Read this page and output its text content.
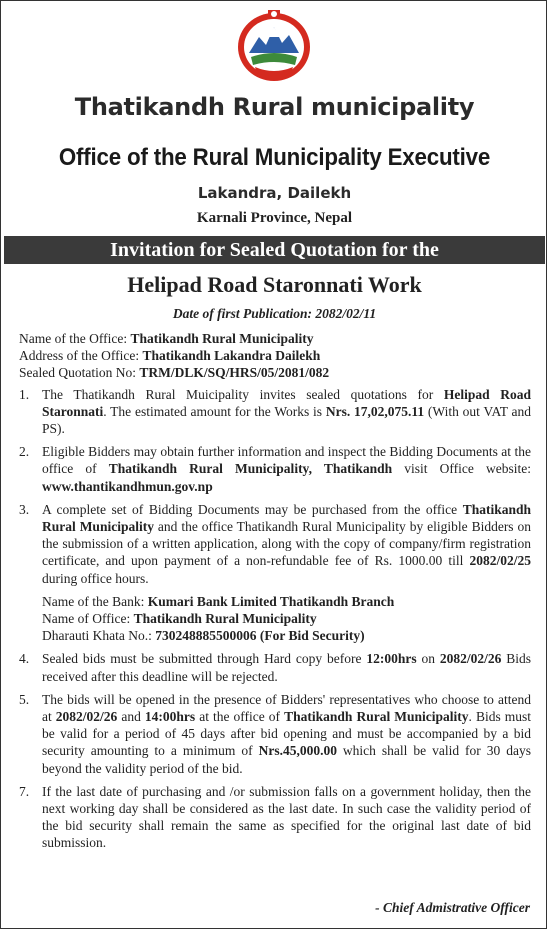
Thatikandh Rural municipality
Office of the Rural Municipality Executive
Lakandra, Dailekh
Karnali Province, Nepal
Invitation for Sealed Quotation for the
Helipad Road Staronnati Work
Date of first Publication: 2082/02/11
Name of the Office: Thatikandh Rural Municipality
Address of the Office: Thatikandh Lakandra Dailekh
Sealed Quotation No: TRM/DLK/SQ/HRS/05/2081/082
1. The Thatikandh Rural Muicipality invites sealed quotations for Helipad Road Staronnati. The estimated amount for the Works is Nrs. 17,02,075.11 (With out VAT and PS).
2. Eligible Bidders may obtain further information and inspect the Bidding Documents at the office of Thatikandh Rural Municipality, Thatikandh visit Office website: www.thantikandhmun.gov.np
3. A complete set of Bidding Documents may be purchased from the office Thatikandh Rural Municipality and the office Thatikandh Rural Municipality by eligible Bidders on the submission of a written application, along with the copy of company/firm registration certificate, and upon payment of a non-refundable fee of Rs. 1000.00 till 2082/02/25 during office hours.
Name of the Bank: Kumari Bank Limited Thatikandh Branch
Name of Office: Thatikandh Rural Municipality
Dharauti Khata No.: 730248885500006 (For Bid Security)
4. Sealed bids must be submitted through Hard copy before 12:00hrs on 2082/02/26 Bids received after this deadline will be rejected.
5. The bids will be opened in the presence of Bidders' representatives who choose to attend at 2082/02/26 and 14:00hrs at the office of Thatikandh Rural Municipality. Bids must be valid for a period of 45 days after bid opening and must be accompanied by a bid security amounting to a minimum of Nrs.45,000.00 which shall be valid for 30 days beyond the validity period of the bid.
7. If the last date of purchasing and /or submission falls on a government holiday, then the next working day shall be considered as the last date. In such case the validity period of the bid security shall remain the same as specified for the original last date of bid submission.
- Chief Admistrative Officer
